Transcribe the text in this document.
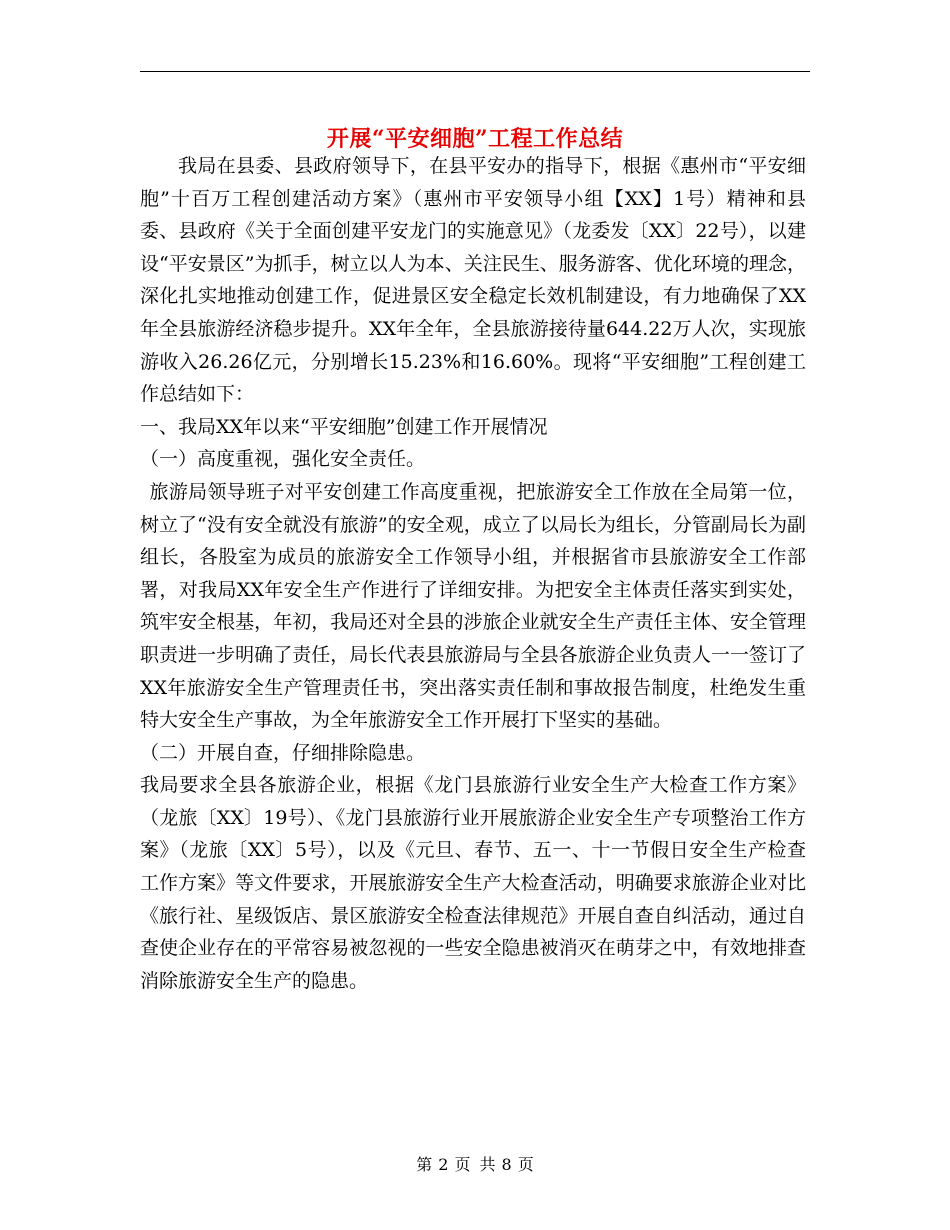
开展“平安细胞”工程工作总结

我局在县委、县政府领导下，在县平安办的指导下，根据《惠州市“平安细胞”十百万工程创建活动方案》（惠州市平安领导小组【XX】1号）精神和县委、县政府《关于全面创建平安龙门的实施意见》（龙委发〔XX〕22号），以建设“平安景区”为抓手，树立以人为本、关注民生、服务游客、优化环境的理念，深化扎实地推动创建工作，促进景区安全稳定长效机制建设，有力地确保了XX年全县旅游经济稳步提升。XX年全年，全县旅游接待量644.22万人次，实现旅游收入26.26亿元，分别增长15.23%和16.60%。现将“平安细胞”工程创建工作总结如下：

一、我局XX年以来“平安细胞”创建工作开展情况

（一）高度重视，强化安全责任。

旅游局领导班子对平安创建工作高度重视，把旅游安全工作放在全局第一位，树立了“没有安全就没有旅游”的安全观，成立了以局长为组长，分管副局长为副组长，各股室为成员的旅游安全工作领导小组，并根据省市县旅游安全工作部署，对我局XX年安全生产作进行了详细安排。为把安全主体责任落实到实处，筑牢安全根基，年初，我局还对全县的涉旅企业就安全生产责任主体、安全管理职责进一步明确了责任，局长代表县旅游局与全县各旅游企业负责人一一签订了XX年旅游安全生产管理责任书，突出落实责任制和事故报告制度，杜绝发生重特大安全生产事故，为全年旅游安全工作开展打下坚实的基础。

（二）开展自查，仔细排除隐患。

我局要求全县各旅游企业，根据《龙门县旅游行业安全生产大检查工作方案》（龙旅〔XX〕19号）、《龙门县旅游行业开展旅游企业安全生产专项整治工作方案》（龙旅〔XX〕5号），以及《元旦、春节、五一、十一节假日安全生产检查工作方案》等文件要求，开展旅游安全生产大检查活动，明确要求旅游企业对比《旅行社、星级饭店、景区旅游安全检查法律规范》开展自查自纠活动，通过自查使企业存在的平常容易被忽视的一些安全隐患被消灭在萌芽之中，有效地排查消除旅游安全生产的隐患。

第 2 页 共 8 页
